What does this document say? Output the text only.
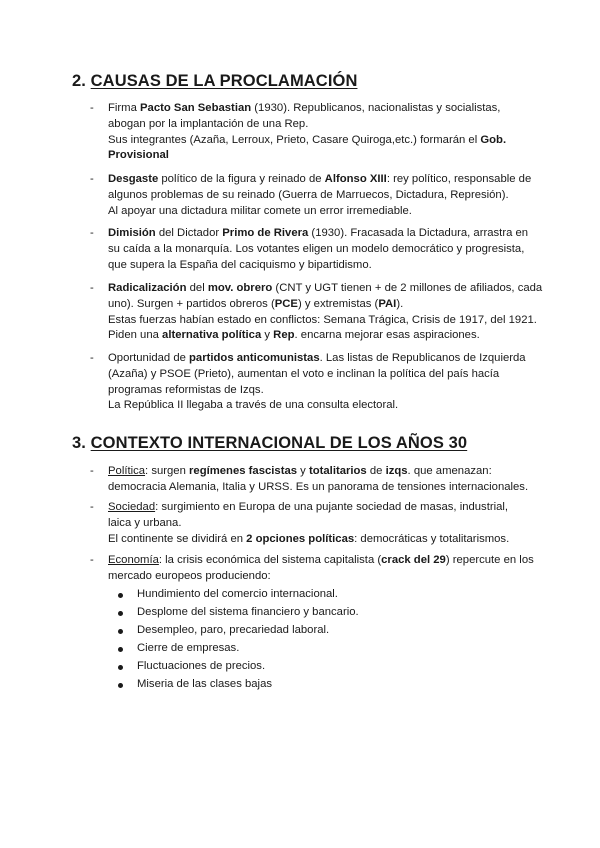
2. CAUSAS DE LA PROCLAMACIÓN
- Firma Pacto San Sebastian (1930). Republicanos, nacionalistas y socialistas,
abogan por la implantación de una Rep.
Sus integrantes (Azaña, Lerroux, Prieto, Casare Quiroga,etc.) formarán el Gob.
Provisional
- Desgaste político de la figura y reinado de Alfonso XIII: rey político, responsable de
algunos problemas de su reinado (Guerra de Marruecos, Dictadura, Represión).
Al apoyar una dictadura militar comete un error irremediable.
- Dimisión del Dictador Primo de Rivera (1930). Fracasada la Dictadura, arrastra en
su caída a la monarquía. Los votantes eligen un modelo democrático y progresista,
que supera la España del caciquismo y bipartidismo.
- Radicalización del mov. obrero (CNT y UGT tienen + de 2 millones de afiliados, cada
uno). Surgen + partidos obreros (PCE) y extremistas (PAI).
Estas fuerzas habían estado en conflictos: Semana Trágica, Crisis de 1917, del 1921.
Piden una alternativa política y Rep. encarna mejorar esas aspiraciones.
- Oportunidad de partidos anticomunistas. Las listas de Republicanos de Izquierda
(Azaña) y PSOE (Prieto), aumentan el voto e inclinan la política del país hacía
programas reformistas de Izqs.
La República II llegaba a través de una consulta electoral.
3. CONTEXTO INTERNACIONAL DE LOS AÑOS 30
- Política: surgen regímenes fascistas y totalitarios de izqs. que amenazan:
democracia Alemania, Italia y URSS. Es un panorama de tensiones internacionales.
- Sociedad: surgimiento en Europa de una pujante sociedad de masas, industrial,
laica y urbana.
El continente se dividirá en 2 opciones políticas: democráticas y totalitarismos.
- Economía: la crisis económica del sistema capitalista (crack del 29) repercute en los
mercado europeos produciendo:
Hundimiento del comercio internacional.
Desplome del sistema financiero y bancario.
Desempleo, paro, precariedad laboral.
Cierre de empresas.
Fluctuaciones de precios.
Miseria de las clases bajas
